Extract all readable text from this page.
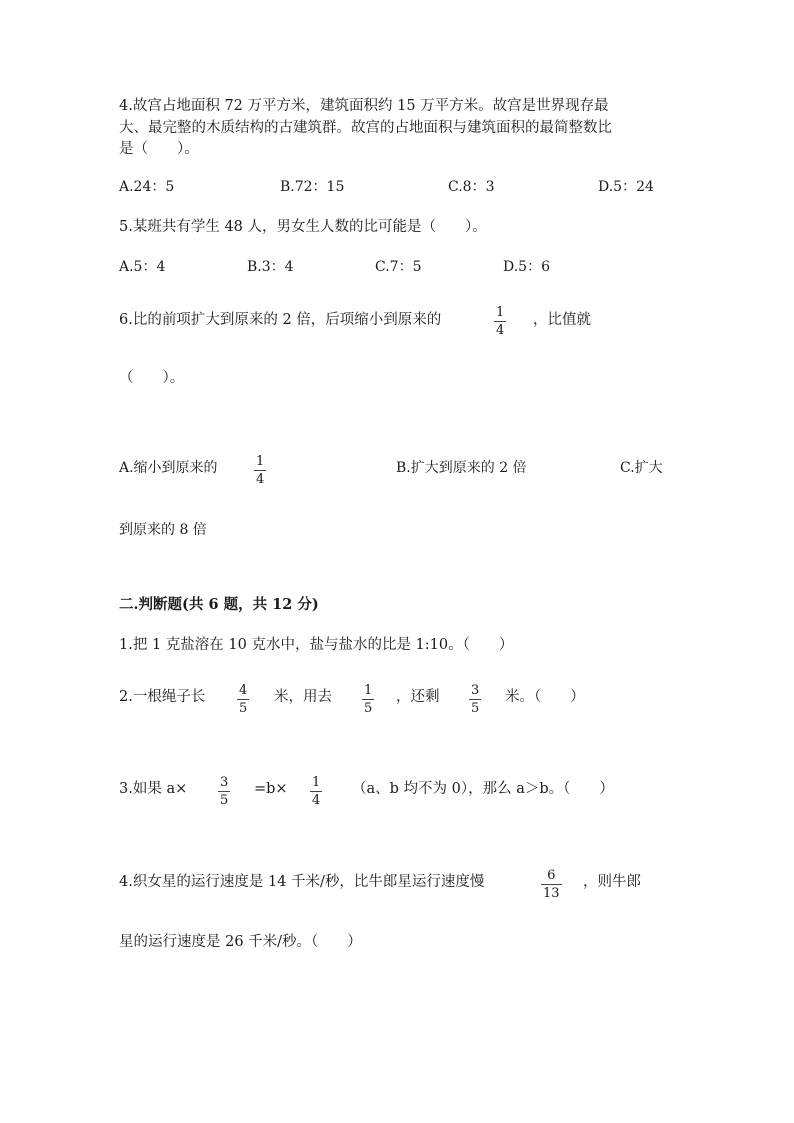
4.故宫占地面积 72 万平方米，建筑面积约 15 万平方米。故宫是世界现存最
大、最完整的木质结构的古建筑群。故宫的占地面积与建筑面积的最简整数比
是（　　）。
A.24：5	B.72：15	C.8：3	D.5：24
5.某班共有学生 48 人，男女生人数的比可能是（　　）。
A.5：4	B.3：4	C.7：5	D.5：6
6.比的前项扩大到原来的 2 倍，后项缩小到原来的	1
4
，比值就
（　　）。
A.缩小到原来的	1
4
B.扩大到原来的 2 倍	C.扩大
到原来的 8 倍
二.判断题(共 6 题，共 12 分)
1.把 1 克盐溶在 10 克水中，盐与盐水的比是 1:10。（　　）
2.一根绳子长	4
5
米，用去 1
5
，还剩 3
5
米。（　　）
3.如果 a×	3
5
=b× 1
4
（a、b 均不为 0），那么 a＞b。（　　）
4.织女星的运行速度是 14 千米/秒，比牛郎星运行速度慢	6
13
，则牛郎
星的运行速度是 26 千米/秒。（　　）
